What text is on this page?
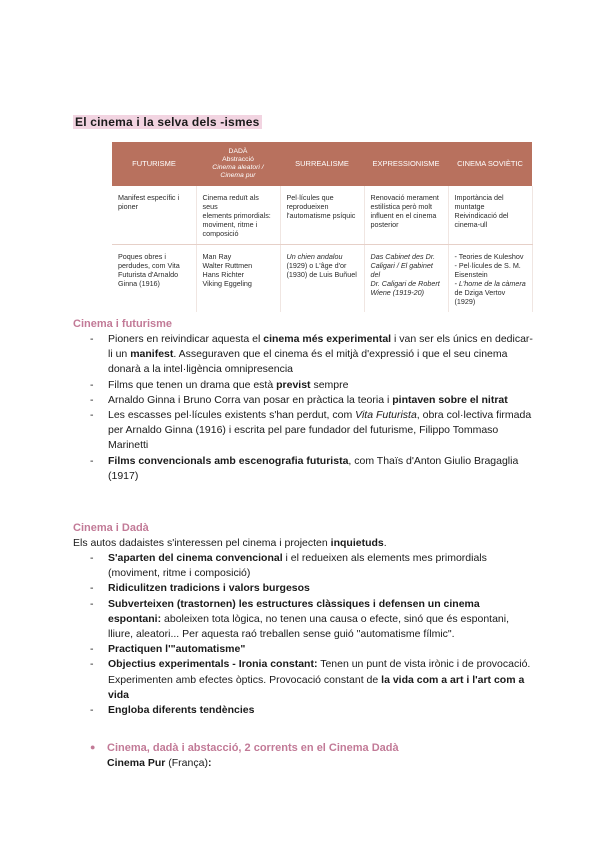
El cinema i la selva dels -ismes
FUTURISME	DADÀ
Abstracció
Cinema aleatori /
Cinema pur	SURREALISME	EXPRESSIONISME	CINEMA SOVIÈTIC

Manifest específic i
pioner	Cinema reduït als seus
elements primordials:
moviment, ritme i
composició	Pel·lícules que
reprodueixen
l'automatisme psíquic	Renovació merament
estilística però molt
influent en el cinema
posterior	Importància del
muntatge
Reivindicació del
cinema-ull

Poques obres i
perdudes, com Vita
Futurista d'Arnaldo
Ginna (1916)	Man Ray
Walter Ruttmen
Hans Richter
Viking Eggeling	Un chien andalou
(1929) o L'âge d'or
(1930) de Luis Buñuel	Das Cabinet des Dr.
Caligari / El gabinet del
Dr. Caligari de Robert
Wiene (1919-20)	- Teories de Kuleshov
- Pel·lícules de S. M.
Eisenstein
- L'home de la càmera
de Dziga Vertov (1929)
Cinema i futurisme
- Pioners en reivindicar aquesta el cinema més experimental i van ser els únics en dedicar-li un manifest. Asseguraven que el cinema és el mitjà d'expressió i que el seu cinema donarà a la intel·ligència omnipresencia
- Films que tenen un drama que està previst sempre
- Arnaldo Ginna i Bruno Corra van posar en pràctica la teoria i pintaven sobre el nitrat
- Les escasses pel·lícules existents s'han perdut, com Vita Futurista, obra col·lectiva firmada per Arnaldo Ginna (1916) i escrita pel pare fundador del futurisme, Filippo Tommaso Marinetti
- Films convencionals amb escenografia futurista, com Thaïs d'Anton Giulio Bragaglia (1917)
Cinema i Dadà
Els autos dadaistes s'interessen pel cinema i projecten inquietuds.
- S'aparten del cinema convencional i el redueixen als elements mes primordials (moviment, ritme i composició)
- Ridiculitzen tradicions i valors burgesos
- Subverteixen (trastornen) les estructures clàssiques i defensen un cinema espontani: aboleixen tota lògica, no tenen una causa o efecte, sinó que és espontani, lliure, aleatori... Per aquesta raó treballen sense guió "automatisme fílmic".
- Practiquen l'"automatisme"
- Objectius experimentals - Ironia constant: Tenen un punt de vista irònic i de provocació. Experimenten amb efectes òptics. Provocació constant de la vida com a art i l'art com a vida
- Engloba diferents tendències
● Cinema, dadà i abstacció, 2 corrents en el Cinema Dadà
Cinema Pur (França):
